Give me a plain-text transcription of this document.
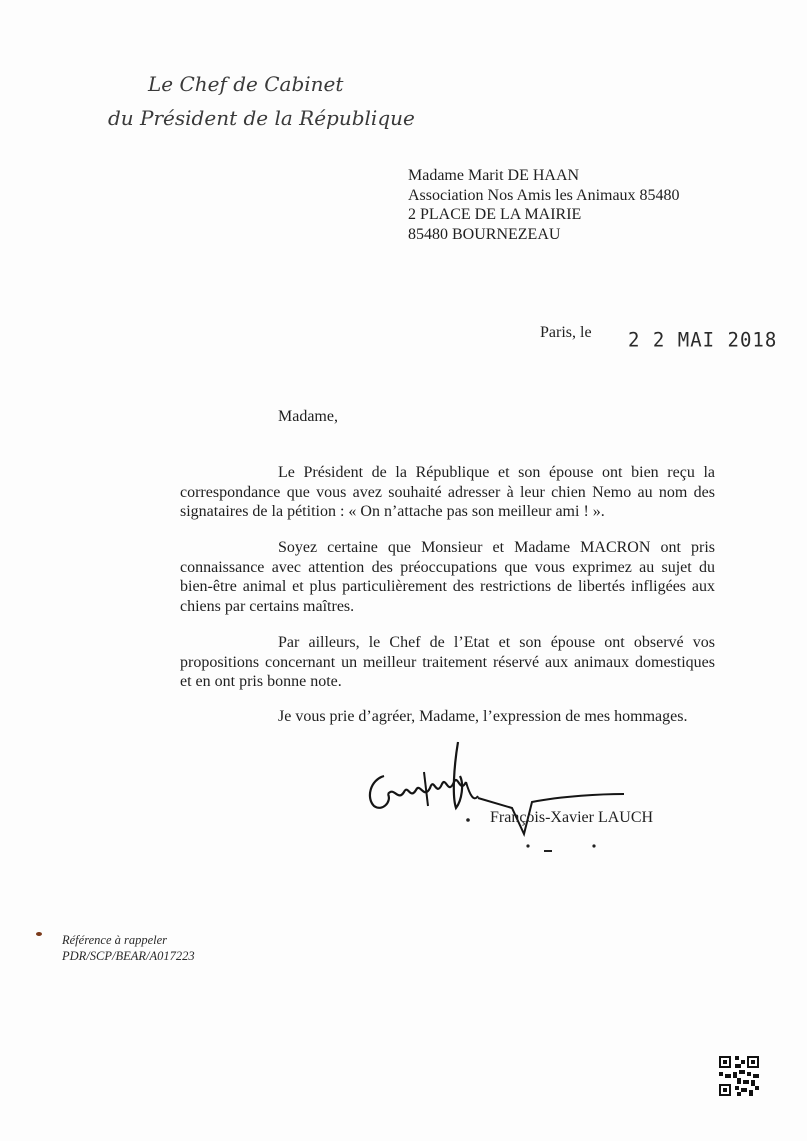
Le Chef de Cabinet
du Président de la République
Madame Marit DE HAAN
Association Nos Amis les Animaux 85480
2 PLACE DE LA MAIRIE
85480 BOURNEZEAU
Paris, le 2 2 MAI 2018
Madame,

Le Président de la République et son épouse ont bien reçu la correspondance que vous avez souhaité adresser à leur chien Nemo au nom des signataires de la pétition : « On n’attache pas son meilleur ami ! ».

Soyez certaine que Monsieur et Madame MACRON ont pris connaissance avec attention des préoccupations que vous exprimez au sujet du bien-être animal et plus particulièrement des restrictions de libertés infligées aux chiens par certains maîtres.

Par ailleurs, le Chef de l’Etat et son épouse ont observé vos propositions concernant un meilleur traitement réservé aux animaux domestiques et en ont pris bonne note.

Je vous prie d’agréer, Madame, l’expression de mes hommages.
François-Xavier LAUCH
Référence à rappeler
PDR/SCP/BEAR/A017223
